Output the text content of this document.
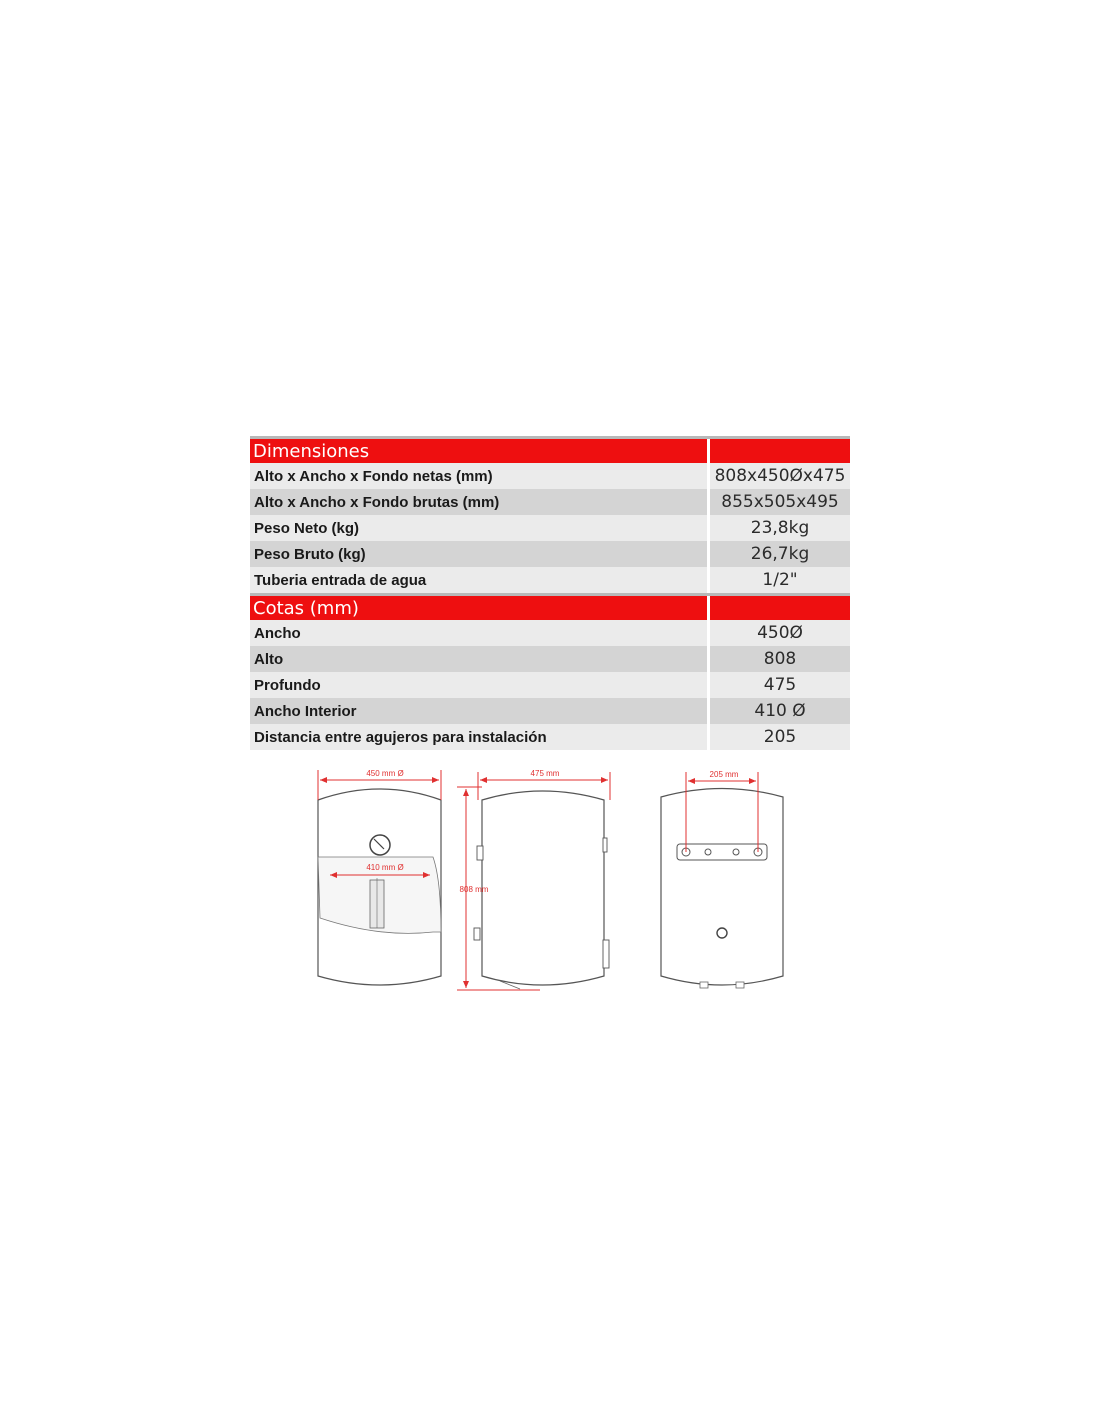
Dimensiones
Alto x Ancho x Fondo netas (mm)	808x450Øx475
Alto x Ancho x Fondo brutas (mm)	855x505x495
Peso Neto (kg)	23,8kg
Peso Bruto (kg)	26,7kg
Tuberia entrada de agua	1/2"
Cotas (mm)
Ancho	450Ø
Alto	808
Profundo	475
Ancho Interior	410 Ø
Distancia entre agujeros para instalación	205
450 mm Ø
410 mm Ø
475 mm
808 mm
205 mm
